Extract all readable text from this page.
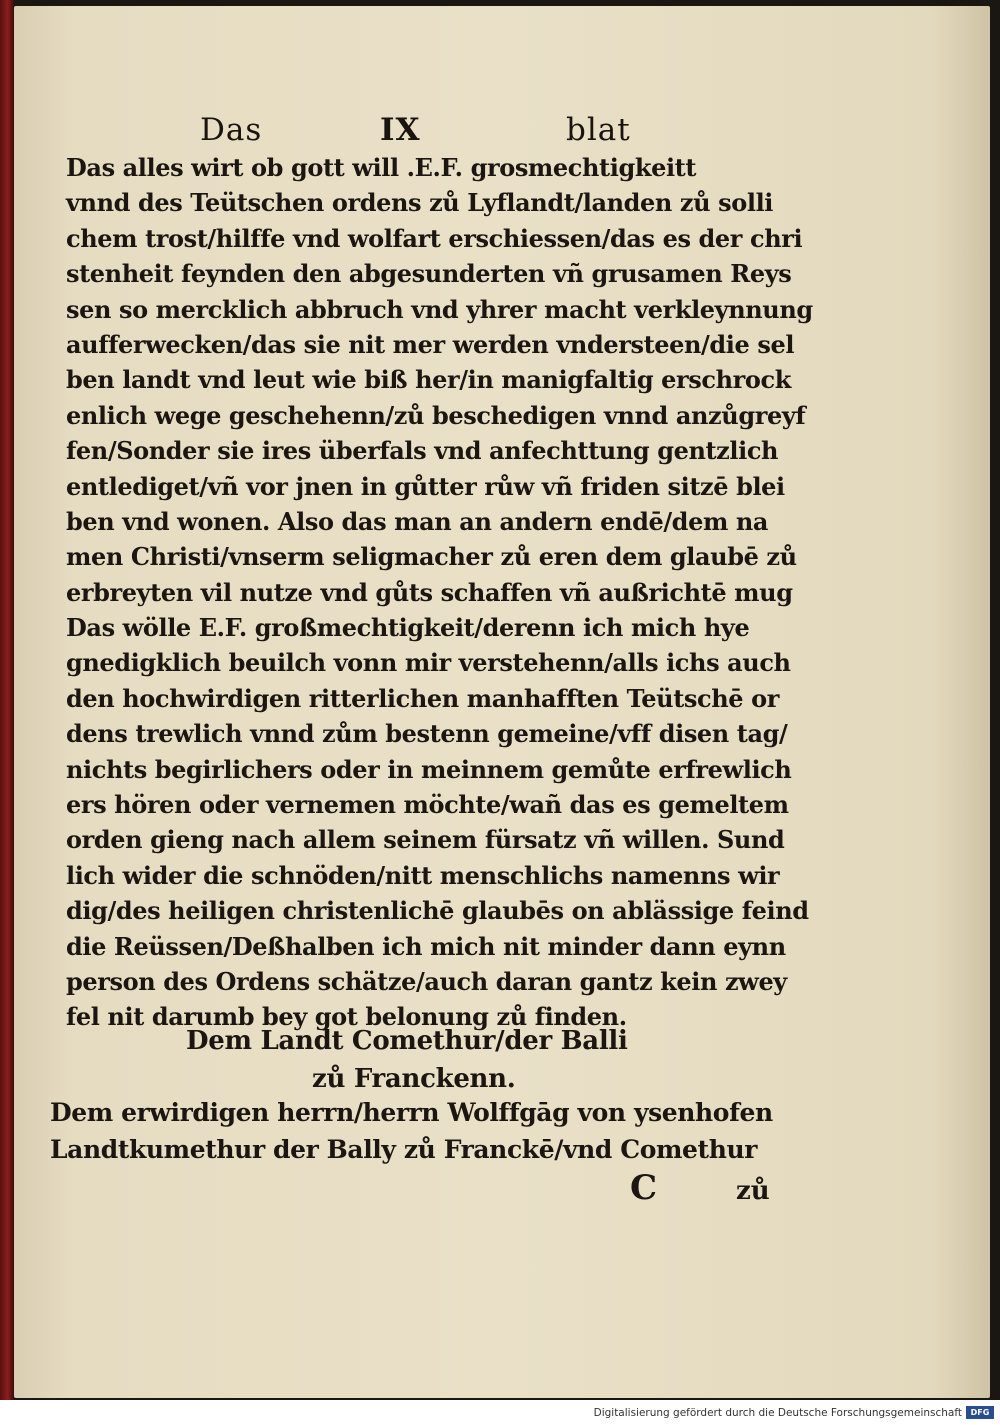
Das	IX	blat
Das alles wirt ob gott will .E.F. grosmechtigkeitt
vnnd des Teütschen ordens zů Lyflandt/landen zů solli
chem trost/hilffe vnd wolfart erschiessen/das es der chri
stenheit feynden den abgesunderten vñ grusamen Reys
sen so mercklich abbruch vnd yhrer macht verkleynnung
aufferwecken/das sie nit mer werden vndersteen/die sel
ben landt vnd leut wie biß her/in manigfaltig erschrock
enlich wege geschehenn/zů beschedigen vnnd anzůgreyf
fen/Sonder sie ires überfals vnd anfechttung gentzlich
entlediget/vñ vor jnen in gůtter růw vñ friden sitzē blei
ben vnd wonen. Also das man an andern endē/dem na
men Christi/vnserm seligmacher zů eren dem glaubē zů
erbreyten vil nutze vnd gůts schaffen vñ außrichtē mug
Das wölle E.F. großmechtigkeit/derenn ich mich hye
gnedigklich beuilch vonn mir verstehenn/alls ichs auch
den hochwirdigen ritterlichen manhafften Teütschē or
dens trewlich vnnd zům bestenn gemeine/vff disen tag/
nichts begirlichers oder in meinnem gemůte erfrewlich
ers hören oder vernemen möchte/wañ das es gemeltem
orden gieng nach allem seinem fürsatz vñ willen. Sund
lich wider die schnöden/nitt menschlichs namenns wir
dig/des heiligen christenlichē glaubēs on ablässige feind
die Reüssen/Deßhalben ich mich nit minder dann eynn
person des Ordens schätze/auch daran gantz kein zwey
fel nit darumb bey got belonung zů finden.
Dem Landt Comethur/der Balli
zů Franckenn.
Dem erwirdigen herrn/herrn Wolffgāg von ysenhofen
Landtkumethur der Bally zů Franckē/vnd Comethur
C	zů
Digitalisierung gefördert durch die Deutsche Forschungsgemeinschaft	DFG
